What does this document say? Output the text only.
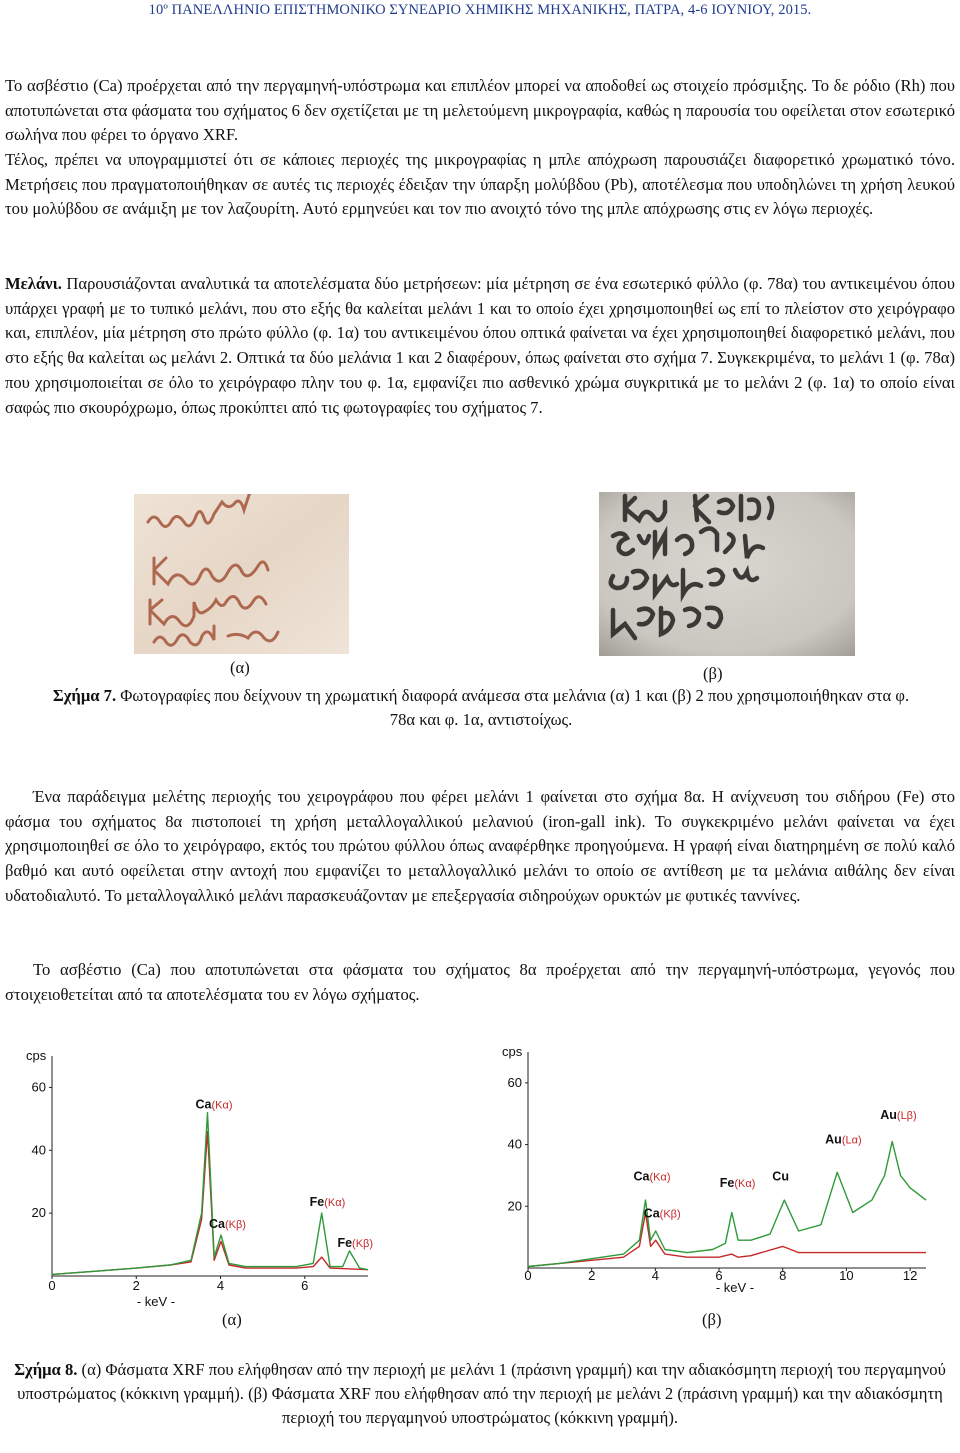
10º ΠΑΝΕΛΛΗΝΙΟ ΕΠΙΣΤΗΜΟΝΙΚΟ ΣΥΝΕΔΡΙΟ ΧΗΜΙΚΗΣ ΜΗΧΑΝΙΚΗΣ, ΠΑΤΡΑ, 4-6 ΙΟΥΝΙΟΥ, 2015.

Το ασβέστιο (Ca) προέρχεται από την περγαμηνή-υπόστρωμα και επιπλέον μπορεί να αποδοθεί ως στοιχείο πρόσμιξης. Το δε ρόδιο (Rh) που αποτυπώνεται στα φάσματα του σχήματος 6 δεν σχετίζεται με τη μελετούμενη μικρογραφία, καθώς η παρουσία του οφείλεται στον εσωτερικό σωλήνα που φέρει το όργανο XRF.

Τέλος, πρέπει να υπογραμμιστεί ότι σε κάποιες περιοχές της μικρογραφίας η μπλε απόχρωση παρουσιάζει διαφορετικό χρωματικό τόνο. Μετρήσεις που πραγματοποιήθηκαν σε αυτές τις περιοχές έδειξαν την ύπαρξη μολύβδου (Pb), αποτέλεσμα που υποδηλώνει τη χρήση λευκού του μολύβδου σε ανάμιξη με τον λαζουρίτη. Αυτό ερμηνεύει και τον πιο ανοιχτό τόνο της μπλε απόχρωσης στις εν λόγω περιοχές.

Μελάνι. Παρουσιάζονται αναλυτικά τα αποτελέσματα δύο μετρήσεων: μία μέτρηση σε ένα εσωτερικό φύλλο (φ. 78α) του αντικειμένου όπου υπάρχει γραφή με το τυπικό μελάνι, που στο εξής θα καλείται μελάνι 1 και το οποίο έχει χρησιμοποιηθεί ως επί το πλείστον στο χειρόγραφο και, επιπλέον, μία μέτρηση στο πρώτο φύλλο (φ. 1α) του αντικειμένου όπου οπτικά φαίνεται να έχει χρησιμοποιηθεί διαφορετικό μελάνι, που στο εξής θα καλείται ως μελάνι 2. Οπτικά τα δύο μελάνια 1 και 2 διαφέρουν, όπως φαίνεται στο σχήμα 7. Συγκεκριμένα, το μελάνι 1 (φ. 78α) που χρησιμοποιείται σε όλο το χειρόγραφο πλην του φ. 1α, εμφανίζει πιο ασθενικό χρώμα συγκριτικά με το μελάνι 2 (φ. 1α) το οποίο είναι σαφώς πιο σκουρόχρωμο, όπως προκύπτει από τις φωτογραφίες του σχήματος 7.

(α)	(β)
Σχήμα 7. Φωτογραφίες που δείχνουν τη χρωματική διαφορά ανάμεσα στα μελάνια (α) 1 και (β) 2 που χρησιμοποιήθηκαν στα φ. 78α και φ. 1α, αντιστοίχως.

Ένα παράδειγμα μελέτης περιοχής του χειρογράφου που φέρει μελάνι 1 φαίνεται στο σχήμα 8α. Η ανίχνευση του σιδήρου (Fe) στο φάσμα του σχήματος 8α πιστοποιεί τη χρήση μεταλλογαλλικού μελανιού (iron-gall ink). Το συγκεκριμένο μελάνι φαίνεται να έχει χρησιμοποιηθεί σε όλο το χειρόγραφο, εκτός του πρώτου φύλλου όπως αναφέρθηκε προηγούμενα. Η γραφή είναι διατηρημένη σε πολύ καλό βαθμό και αυτό οφείλεται στην αντοχή που εμφανίζει το μεταλλογαλλικό μελάνι το οποίο σε αντίθεση με τα μελάνια αιθάλης δεν είναι υδατοδιαλυτό. Το μεταλλογαλλικό μελάνι παρασκευάζονταν με επεξεργασία σιδηρούχων ορυκτών με φυτικές ταννίνες.

Το ασβέστιο (Ca) που αποτυπώνεται στα φάσματα του σχήματος 8α προέρχεται από την περγαμηνή-υπόστρωμα, γεγονός που στοιχειοθετείται από τα αποτελέσματα του εν λόγω σχήματος.

cps
20
40
60
0	2	4	6
- keV -
Ca(Kα)
Ca(Kβ)
Fe(Kα)
Fe(Kβ)
cps
20
40
60
0	2	4	6	8	10	12
- keV -
Ca(Kα)
Ca(Kβ)
Fe(Kα)
Cu
Au(Lα)
Au(Lβ)
(α)	(β)
Σχήμα 8. (α) Φάσματα XRF που ελήφθησαν από την περιοχή με μελάνι 1 (πράσινη γραμμή) και την αδιακόσμητη περιοχή του περγαμηνού υποστρώματος (κόκκινη γραμμή). (β) Φάσματα XRF που ελήφθησαν από την περιοχή με μελάνι 2 (πράσινη γραμμή) και την αδιακόσμητη περιοχή του περγαμηνού υποστρώματος (κόκκινη γραμμή).
